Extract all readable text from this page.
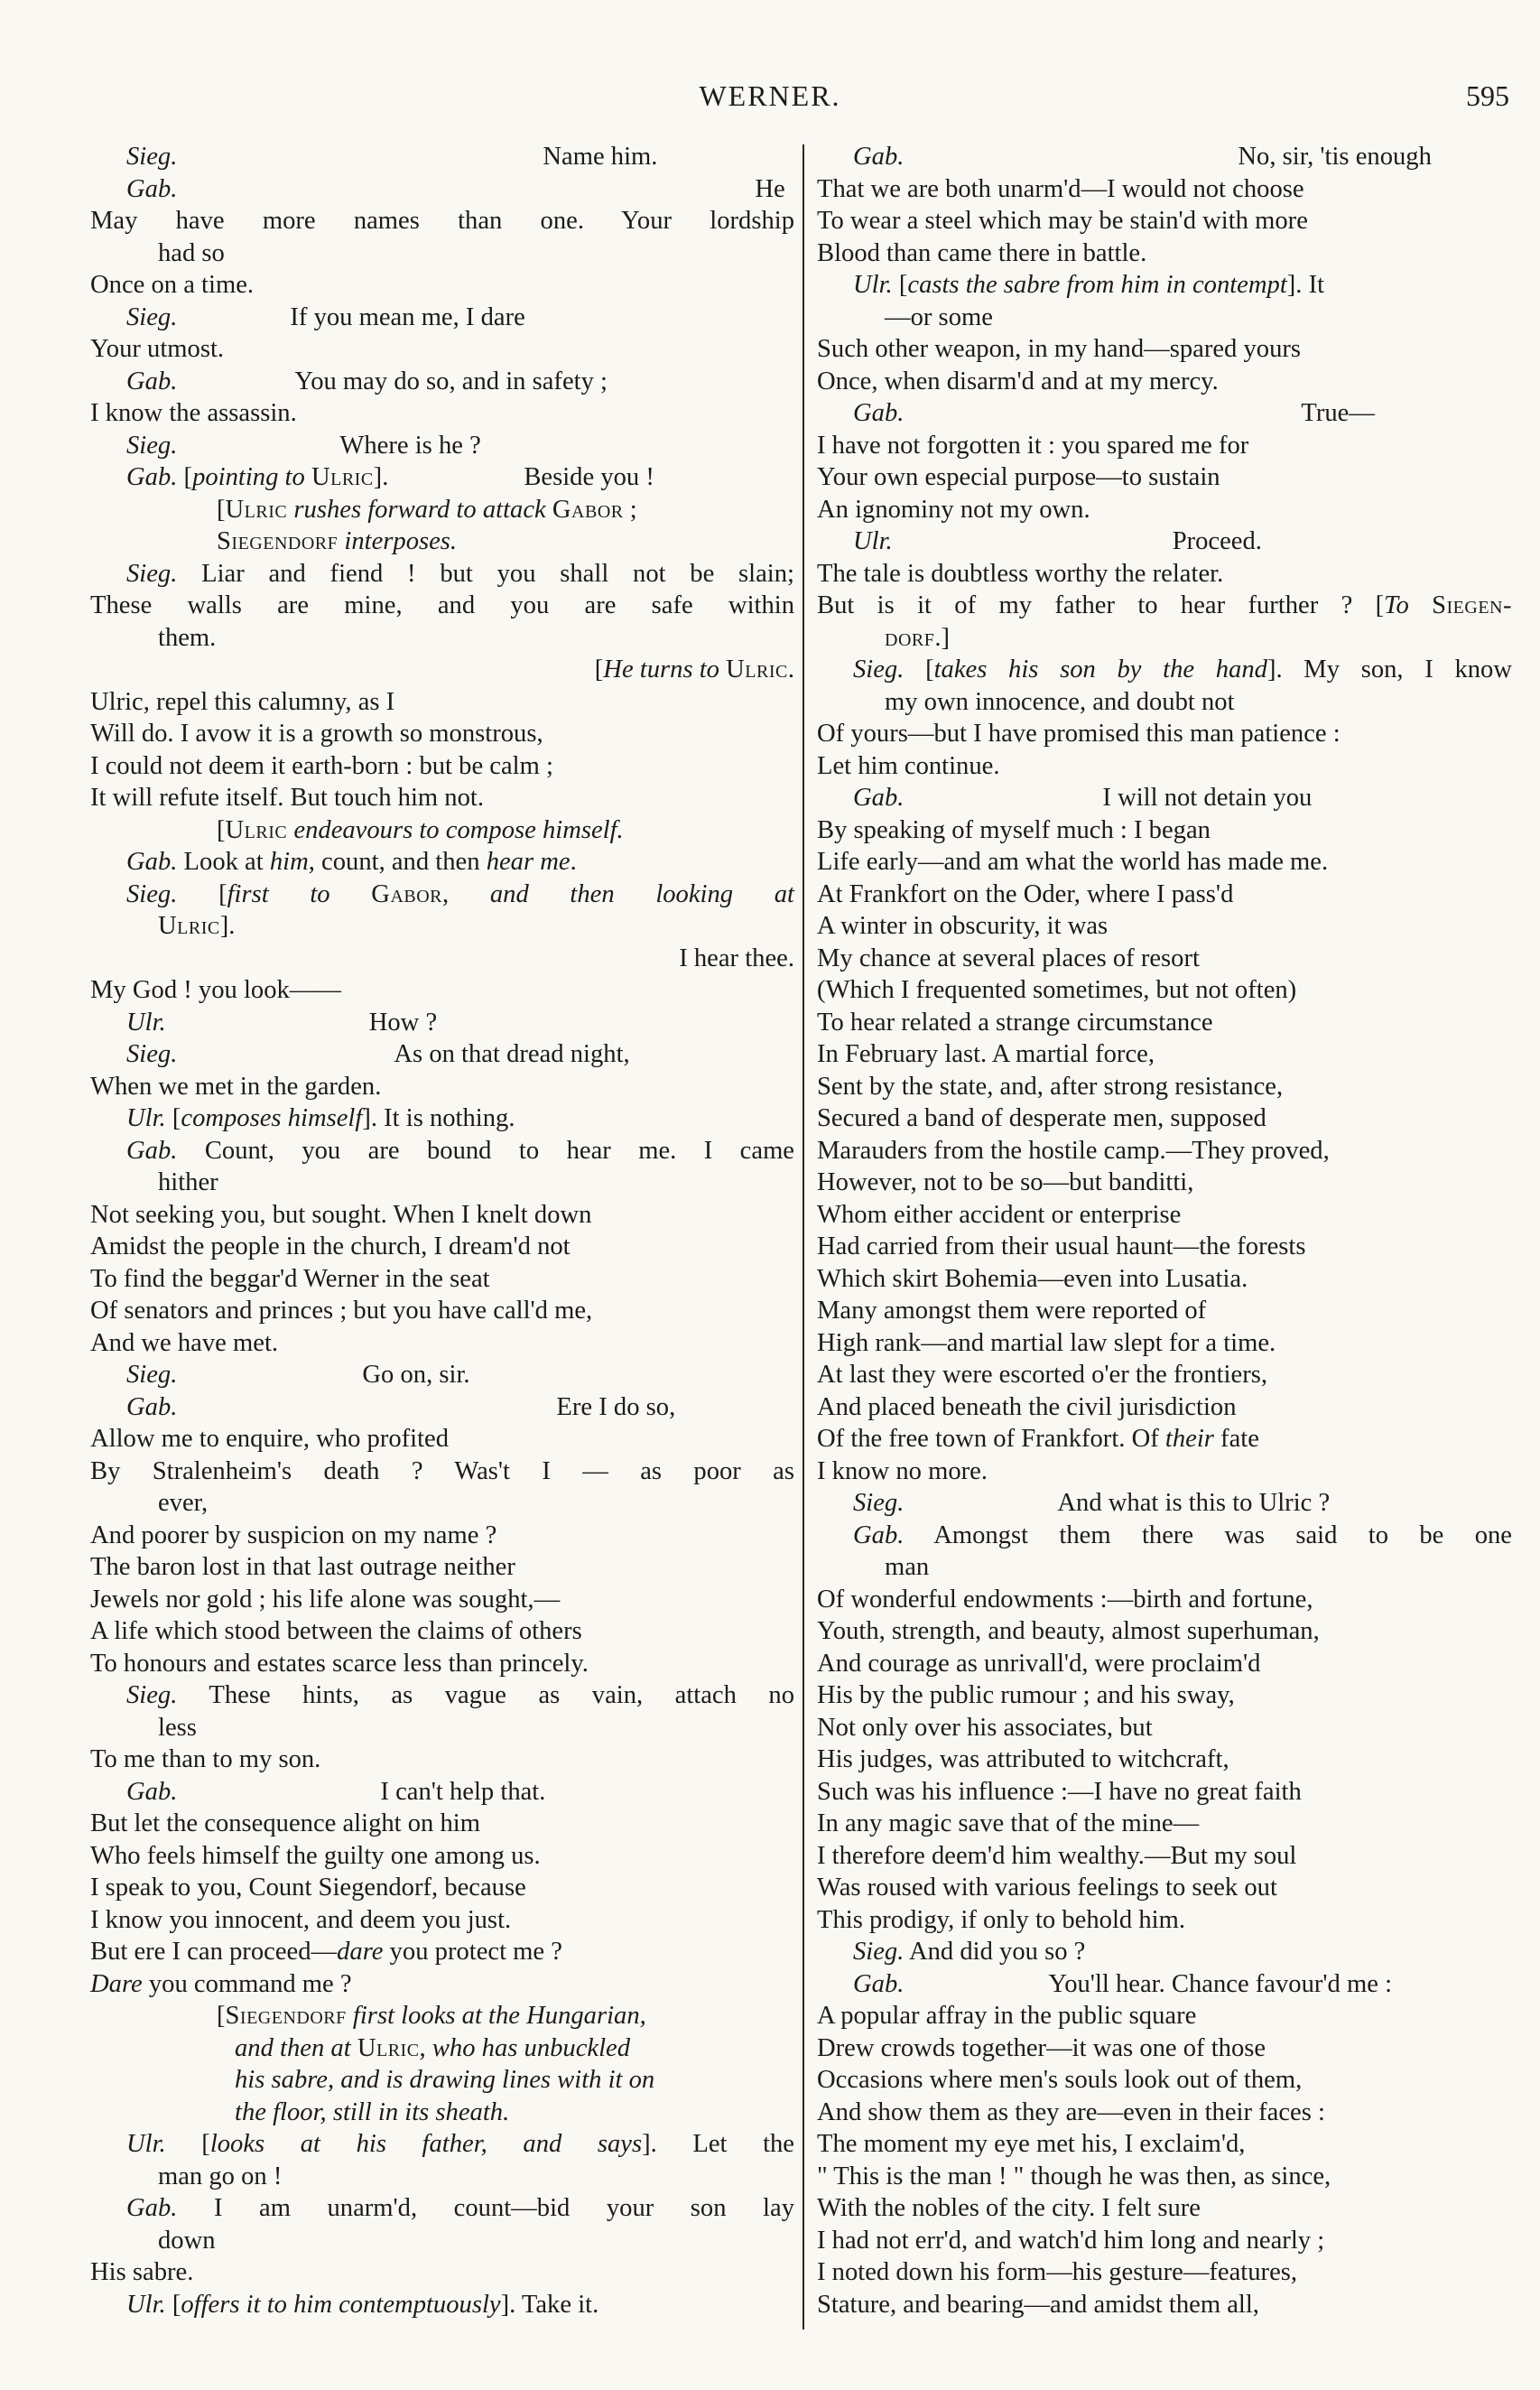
WERNER.	595
Sieg.	Name him.
Gab.	He
May have more names than one. Your lordship
had so
Once on a time.
Sieg.	If you mean me, I dare
Your utmost.
Gab.	You may do so, and in safety ;
I know the assassin.
Sieg.	Where is he ?
Gab. [pointing to Ulric].	Beside you !
[Ulric rushes forward to attack Gabor ;
Siegendorf interposes.
Sieg. Liar and fiend ! but you shall not be slain;
These walls are mine, and you are safe within
them.
[He turns to Ulric.
Ulric, repel this calumny, as I
Will do. I avow it is a growth so monstrous,
I could not deem it earth-born : but be calm ;
It will refute itself. But touch him not.
[Ulric endeavours to compose himself.
Gab. Look at him, count, and then hear me.
Sieg. [first to Gabor, and then looking at
Ulric].
I hear thee.
My God ! you look——
Ulr.	How ?
Sieg.	As on that dread night,
When we met in the garden.
Ulr. [composes himself]. It is nothing.
Gab. Count, you are bound to hear me. I came
hither
Not seeking you, but sought. When I knelt down
Amidst the people in the church, I dream'd not
To find the beggar'd Werner in the seat
Of senators and princes ; but you have call'd me,
And we have met.
Sieg.	Go on, sir.
Gab.	Ere I do so,
Allow me to enquire, who profited
By Stralenheim's death ? Was't I — as poor as
ever,
And poorer by suspicion on my name ?
The baron lost in that last outrage neither
Jewels nor gold ; his life alone was sought,—
A life which stood between the claims of others
To honours and estates scarce less than princely.
Sieg. These hints, as vague as vain, attach no
less
To me than to my son.
Gab.	I can't help that.
But let the consequence alight on him
Who feels himself the guilty one among us.
I speak to you, Count Siegendorf, because
I know you innocent, and deem you just.
But ere I can proceed—dare you protect me ?
Dare you command me ?
[Siegendorf first looks at the Hungarian,
and then at Ulric, who has unbuckled
his sabre, and is drawing lines with it on
the floor, still in its sheath.
Ulr. [looks at his father, and says]. Let the
man go on !
Gab. I am unarm'd, count—bid your son lay
down
His sabre.
Ulr. [offers it to him contemptuously]. Take it.
Gab.	No, sir, 'tis enough
That we are both unarm'd—I would not choose
To wear a steel which may be stain'd with more
Blood than came there in battle.
Ulr. [casts the sabre from him in contempt]. It
—or some
Such other weapon, in my hand—spared yours
Once, when disarm'd and at my mercy.
Gab.	True—
I have not forgotten it : you spared me for
Your own especial purpose—to sustain
An ignominy not my own.
Ulr.	Proceed.
The tale is doubtless worthy the relater.
But is it of my father to hear further ? [To Siegen-
dorf.]
Sieg. [takes his son by the hand]. My son, I know
my own innocence, and doubt not
Of yours—but I have promised this man patience :
Let him continue.
Gab.	I will not detain you
By speaking of myself much : I began
Life early—and am what the world has made me.
At Frankfort on the Oder, where I pass'd
A winter in obscurity, it was
My chance at several places of resort
(Which I frequented sometimes, but not often)
To hear related a strange circumstance
In February last. A martial force,
Sent by the state, and, after strong resistance,
Secured a band of desperate men, supposed
Marauders from the hostile camp.—They proved,
However, not to be so—but banditti,
Whom either accident or enterprise
Had carried from their usual haunt—the forests
Which skirt Bohemia—even into Lusatia.
Many amongst them were reported of
High rank—and martial law slept for a time.
At last they were escorted o'er the frontiers,
And placed beneath the civil jurisdiction
Of the free town of Frankfort. Of their fate
I know no more.
Sieg.	And what is this to Ulric ?
Gab. Amongst them there was said to be one
man
Of wonderful endowments :—birth and fortune,
Youth, strength, and beauty, almost superhuman,
And courage as unrivall'd, were proclaim'd
His by the public rumour ; and his sway,
Not only over his associates, but
His judges, was attributed to witchcraft,
Such was his influence :—I have no great faith
In any magic save that of the mine—
I therefore deem'd him wealthy.—But my soul
Was roused with various feelings to seek out
This prodigy, if only to behold him.
Sieg. And did you so ?
Gab.	You'll hear. Chance favour'd me :
A popular affray in the public square
Drew crowds together—it was one of those
Occasions where men's souls look out of them,
And show them as they are—even in their faces :
The moment my eye met his, I exclaim'd,
" This is the man ! " though he was then, as since,
With the nobles of the city. I felt sure
I had not err'd, and watch'd him long and nearly ;
I noted down his form—his gesture—features,
Stature, and bearing—and amidst them all,
